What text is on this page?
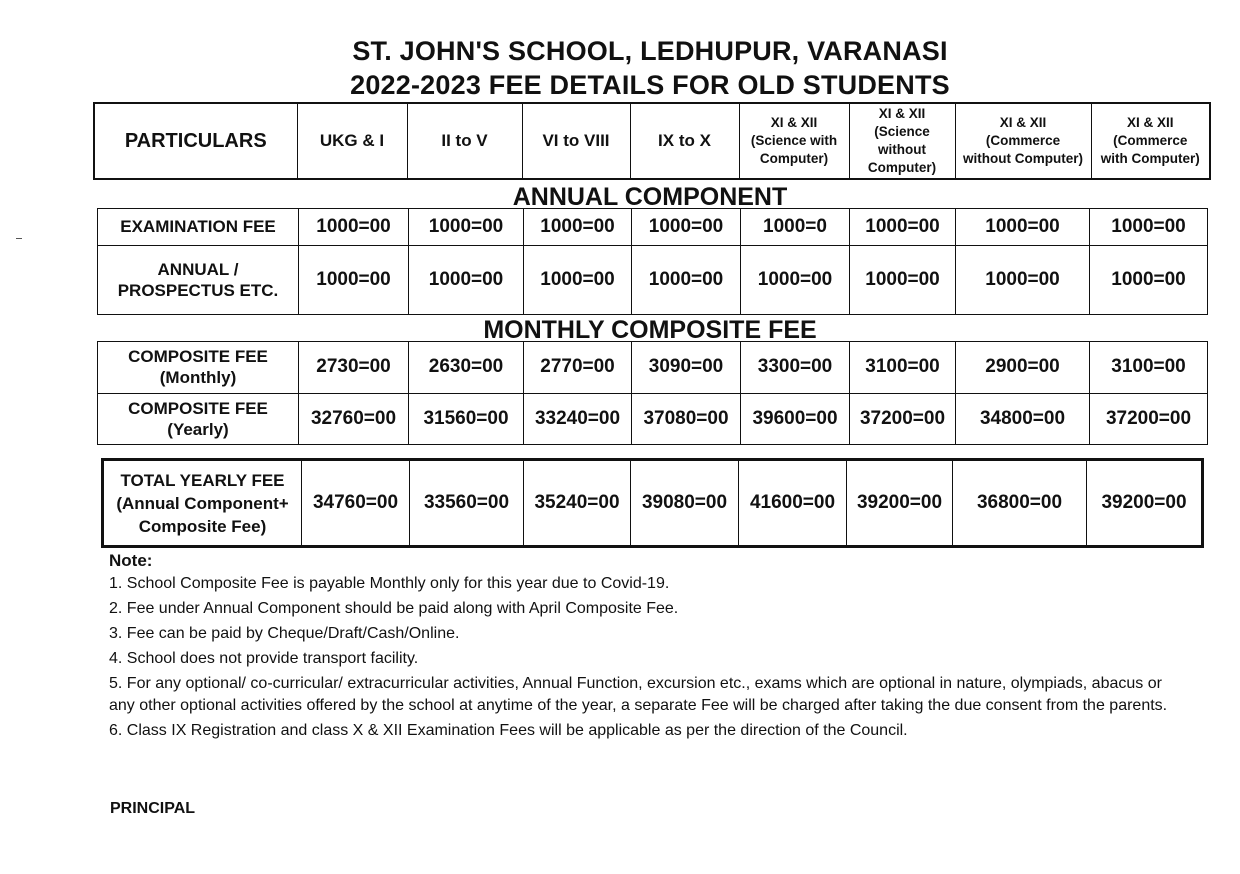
ST. JOHN'S SCHOOL, LEDHUPUR, VARANASI
2022-2023 FEE DETAILS FOR OLD STUDENTS
PARTICULARS	UKG & I	II to V	VI to VIII	IX to X	XI & XII
(Science with
Computer)	XI & XII
(Science
without
Computer)	XI & XII
(Commerce
without Computer)	XI & XII
(Commerce
with Computer)
ANNUAL COMPONENT
EXAMINATION FEE	1000=00	1000=00	1000=00	1000=00	1000=0	1000=00	1000=00	1000=00
ANNUAL /
PROSPECTUS ETC.	1000=00	1000=00	1000=00	1000=00	1000=00	1000=00	1000=00	1000=00
MONTHLY COMPOSITE FEE
COMPOSITE FEE
(Monthly)	2730=00	2630=00	2770=00	3090=00	3300=00	3100=00	2900=00	3100=00
COMPOSITE FEE
(Yearly)	32760=00	31560=00	33240=00	37080=00	39600=00	37200=00	34800=00	37200=00
TOTAL YEARLY FEE
(Annual Component+
Composite Fee)	34760=00	33560=00	35240=00	39080=00	41600=00	39200=00	36800=00	39200=00
Note:
1. School Composite Fee is payable Monthly only for this year due to Covid-19.
2. Fee under Annual Component should be paid along with April Composite Fee.
3. Fee can be paid by Cheque/Draft/Cash/Online.
4. School does not provide transport facility.
5. For any optional/ co-curricular/ extracurricular activities, Annual Function, excursion etc., exams which are optional in nature, olympiads, abacus or any other optional activities offered by the school at anytime of the year, a separate Fee will be charged after taking the due consent from the parents.
6. Class IX Registration and class X & XII Examination Fees will be applicable as per the direction of the Council.
PRINCIPAL
